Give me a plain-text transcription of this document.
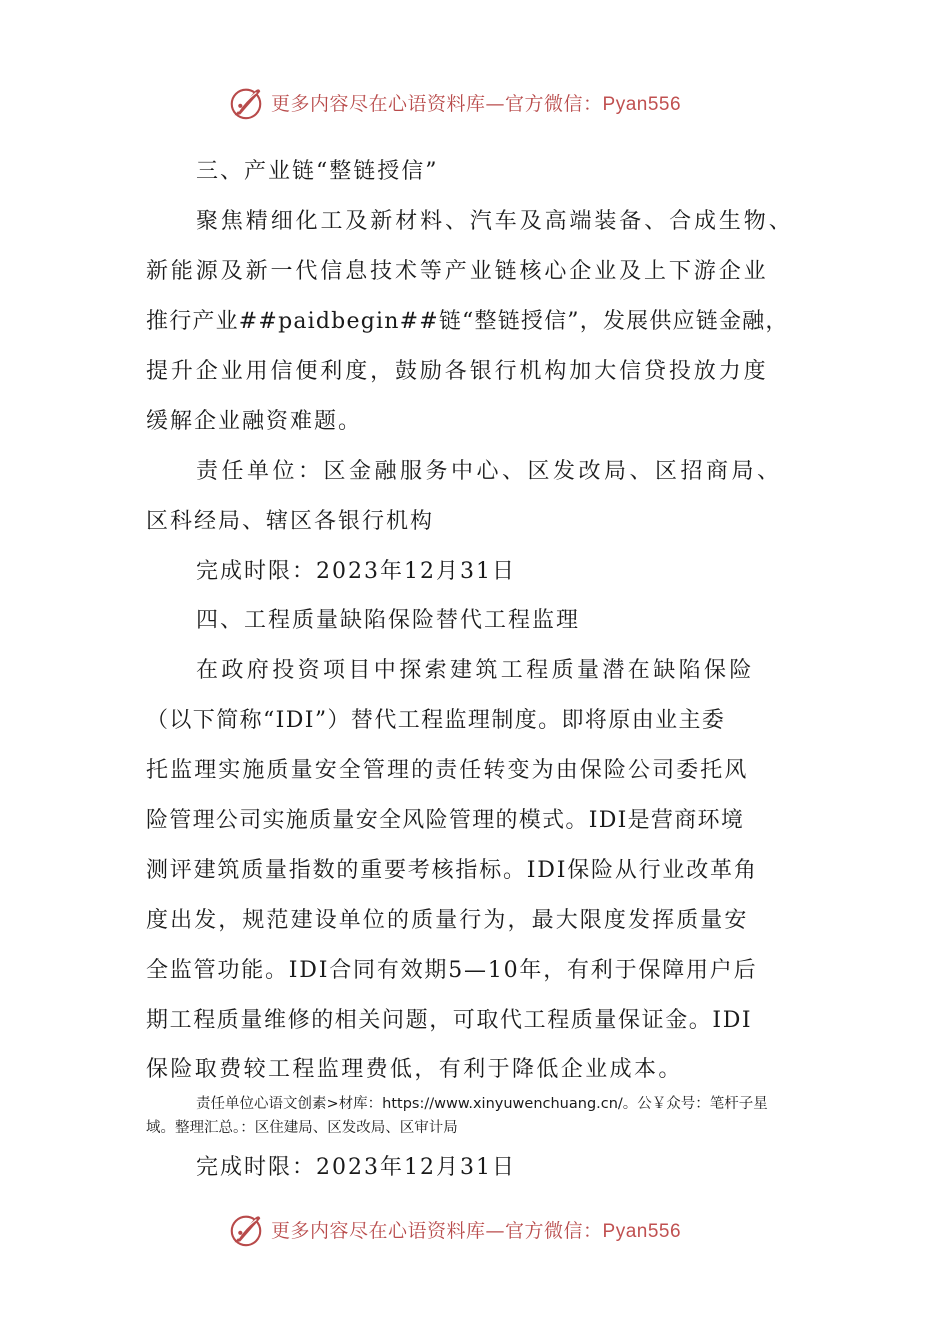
更多内容尽在心语资料库—官方微信：Pyan556
三、产业链“整链授信”
聚焦精细化工及新材料、汽车及高端装备、合成生物、
新能源及新一代信息技术等产业链核心企业及上下游企业
推行产业##paidbegin##链“整链授信”，发展供应链金融，
提升企业用信便利度，鼓励各银行机构加大信贷投放力度
缓解企业融资难题。
责任单位：区金融服务中心、区发改局、区招商局、
区科经局、辖区各银行机构
完成时限：2023年12月31日
四、工程质量缺陷保险替代工程监理
在政府投资项目中探索建筑工程质量潜在缺陷保险
（以下简称“IDI”）替代工程监理制度。即将原由业主委
托监理实施质量安全管理的责任转变为由保险公司委托风
险管理公司实施质量安全风险管理的模式。IDI是营商环境
测评建筑质量指数的重要考核指标。IDI保险从行业改革角
度出发，规范建设单位的质量行为，最大限度发挥质量安
全监管功能。IDI合同有效期5—10年，有利于保障用户后
期工程质量维修的相关问题，可取代工程质量保证金。IDI
保险取费较工程监理费低，有利于降低企业成本。
责任单位心语文创素>材库：https://www.xinyuwenchuang.cn/。公￥众号：笔杆子星
域。整理汇总。：区住建局、区发改局、区审计局
完成时限：2023年12月31日
更多内容尽在心语资料库—官方微信：Pyan556
